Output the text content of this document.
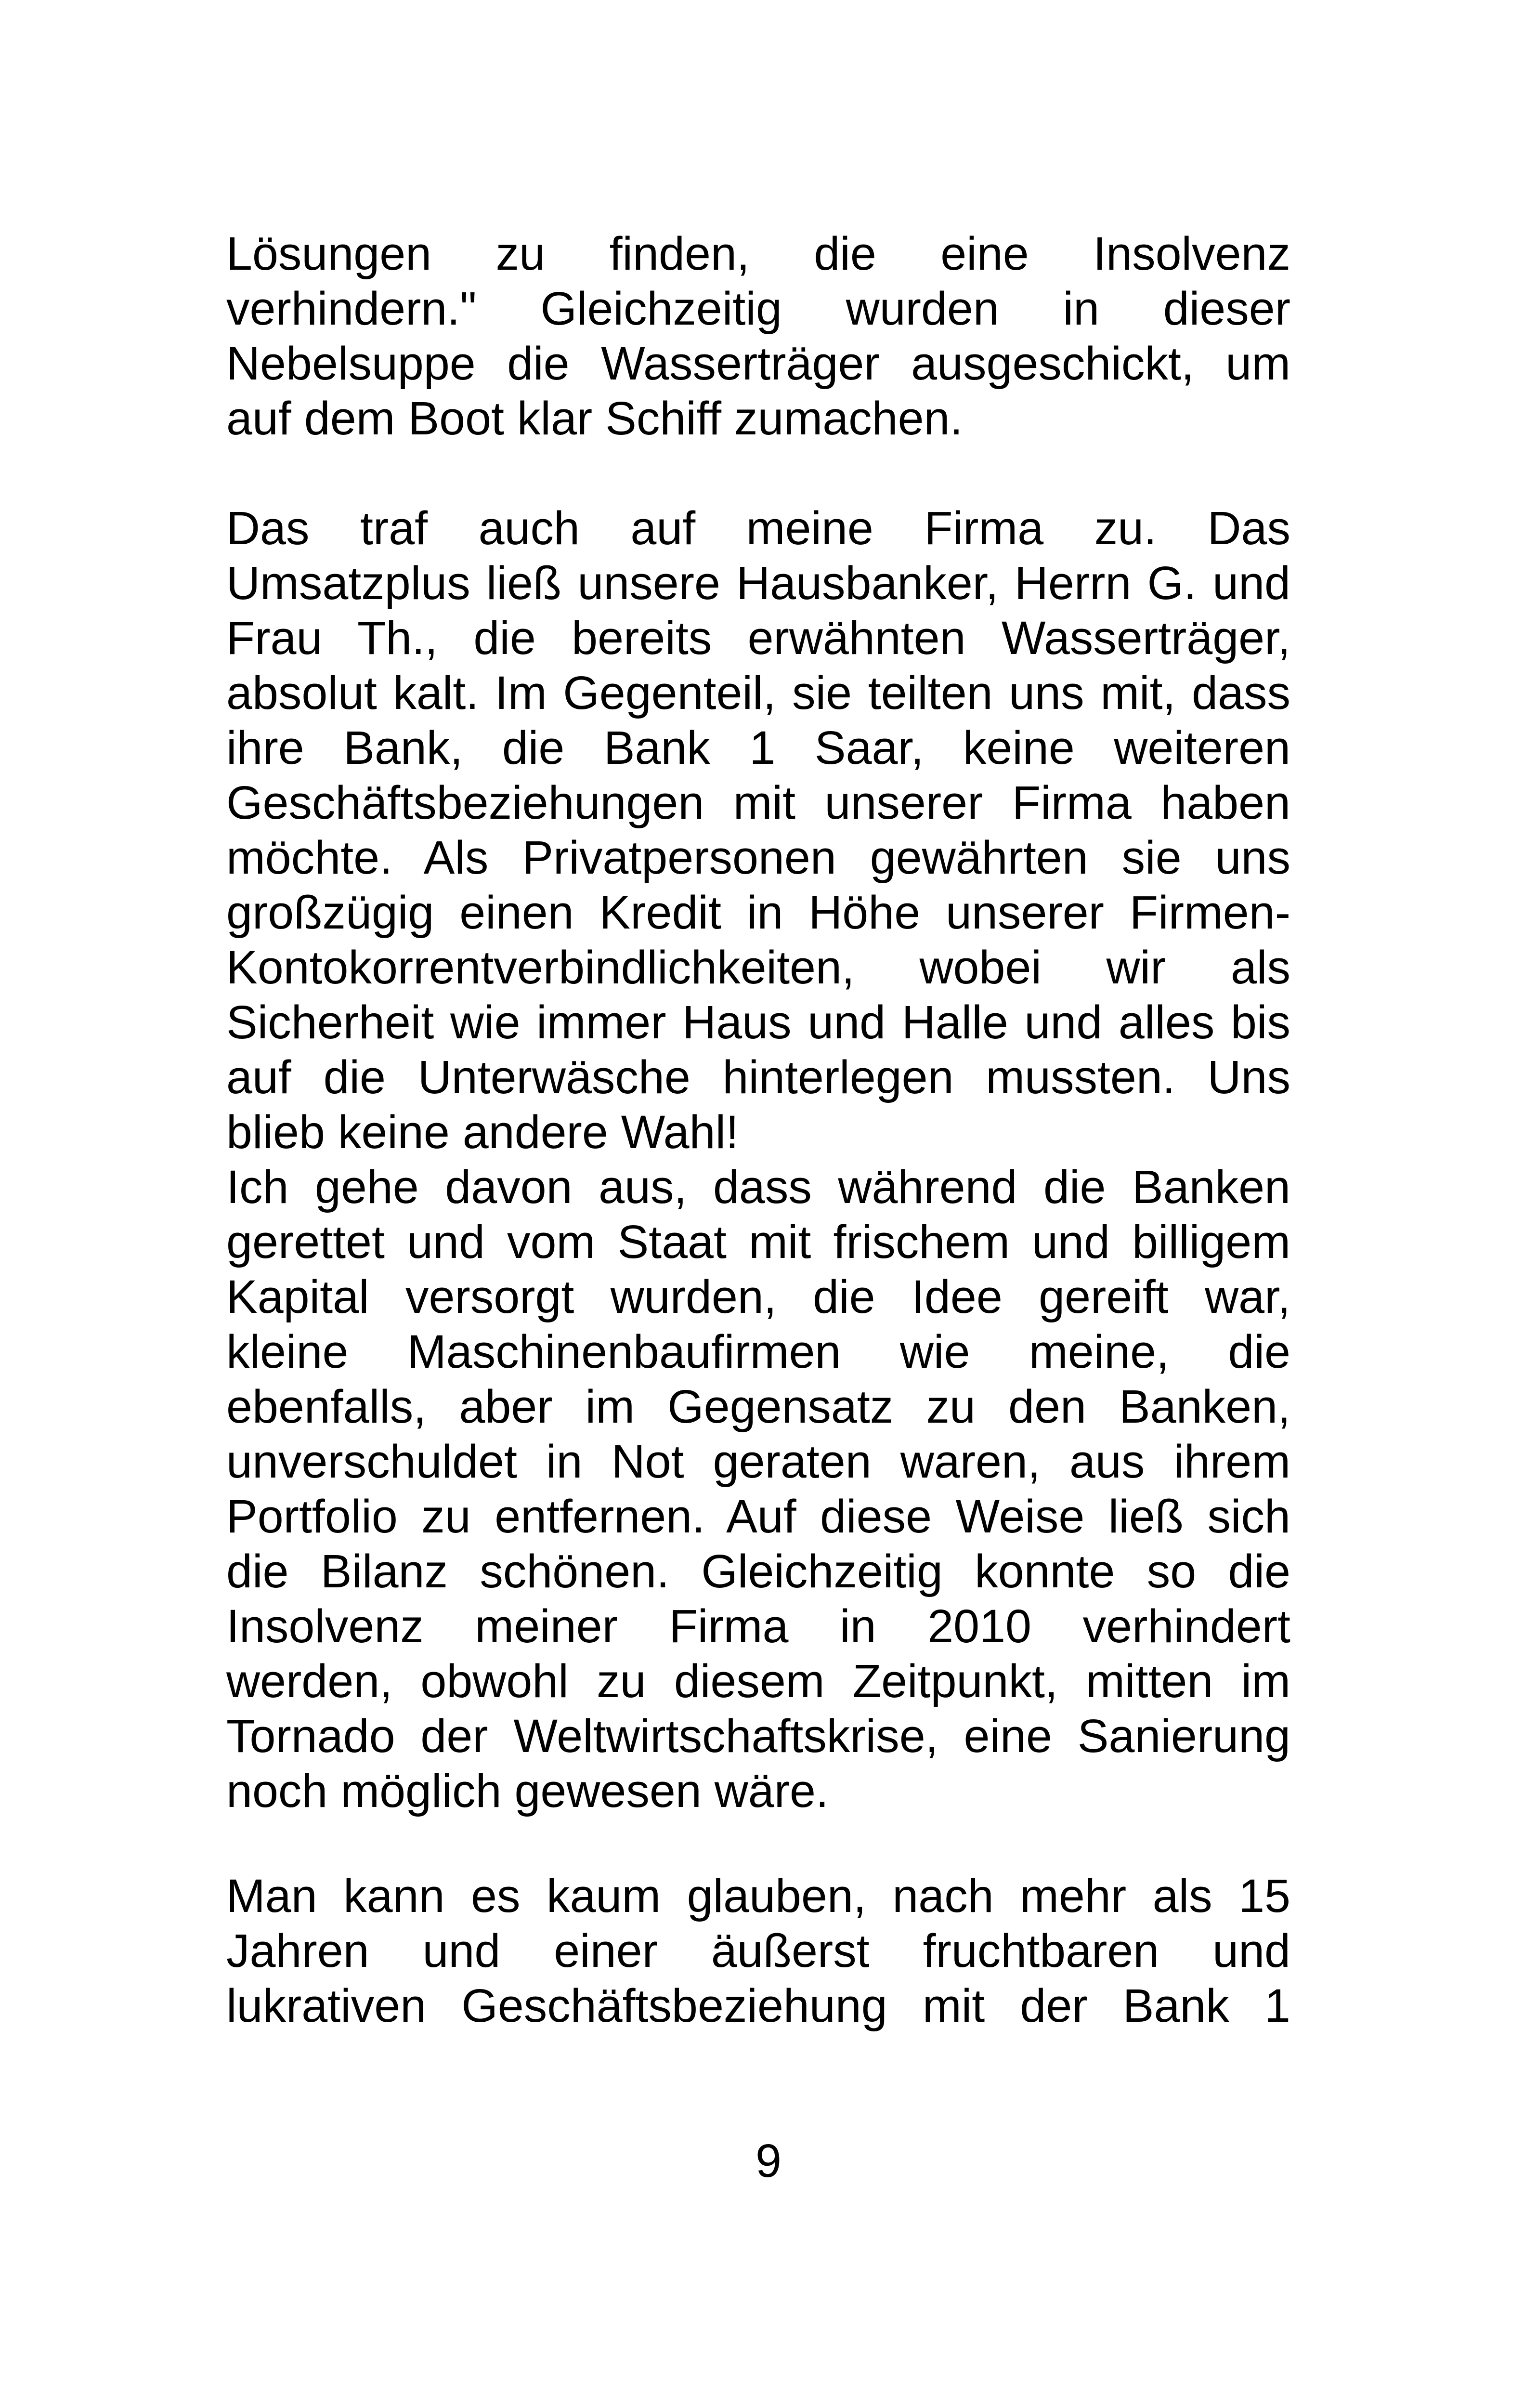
Lösungen zu finden, die eine Insolvenz
verhindern." Gleichzeitig wurden in dieser
Nebelsuppe die Wasserträger ausgeschickt, um
auf dem Boot klar Schiff zumachen.
Das traf auch auf meine Firma zu. Das
Umsatzplus ließ unsere Hausbanker, Herrn G. und
Frau Th., die bereits erwähnten Wasserträger,
absolut kalt. Im Gegenteil, sie teilten uns mit, dass
ihre Bank, die Bank 1 Saar, keine weiteren
Geschäftsbeziehungen mit unserer Firma haben
möchte. Als Privatpersonen gewährten sie uns
großzügig einen Kredit in Höhe unserer Firmen-
Kontokorrentverbindlichkeiten, wobei wir als
Sicherheit wie immer Haus und Halle und alles bis
auf die Unterwäsche hinterlegen mussten. Uns
blieb keine andere Wahl!
Ich gehe davon aus, dass während die Banken
gerettet und vom Staat mit frischem und billigem
Kapital versorgt wurden, die Idee gereift war,
kleine Maschinenbaufirmen wie meine, die
ebenfalls, aber im Gegensatz zu den Banken,
unverschuldet in Not geraten waren, aus ihrem
Portfolio zu entfernen. Auf diese Weise ließ sich
die Bilanz schönen. Gleichzeitig konnte so die
Insolvenz meiner Firma in 2010 verhindert
werden, obwohl zu diesem Zeitpunkt, mitten im
Tornado der Weltwirtschaftskrise, eine Sanierung
noch möglich gewesen wäre.
Man kann es kaum glauben, nach mehr als 15
Jahren und einer äußerst fruchtbaren und
lukrativen Geschäftsbeziehung mit der Bank 1
9
